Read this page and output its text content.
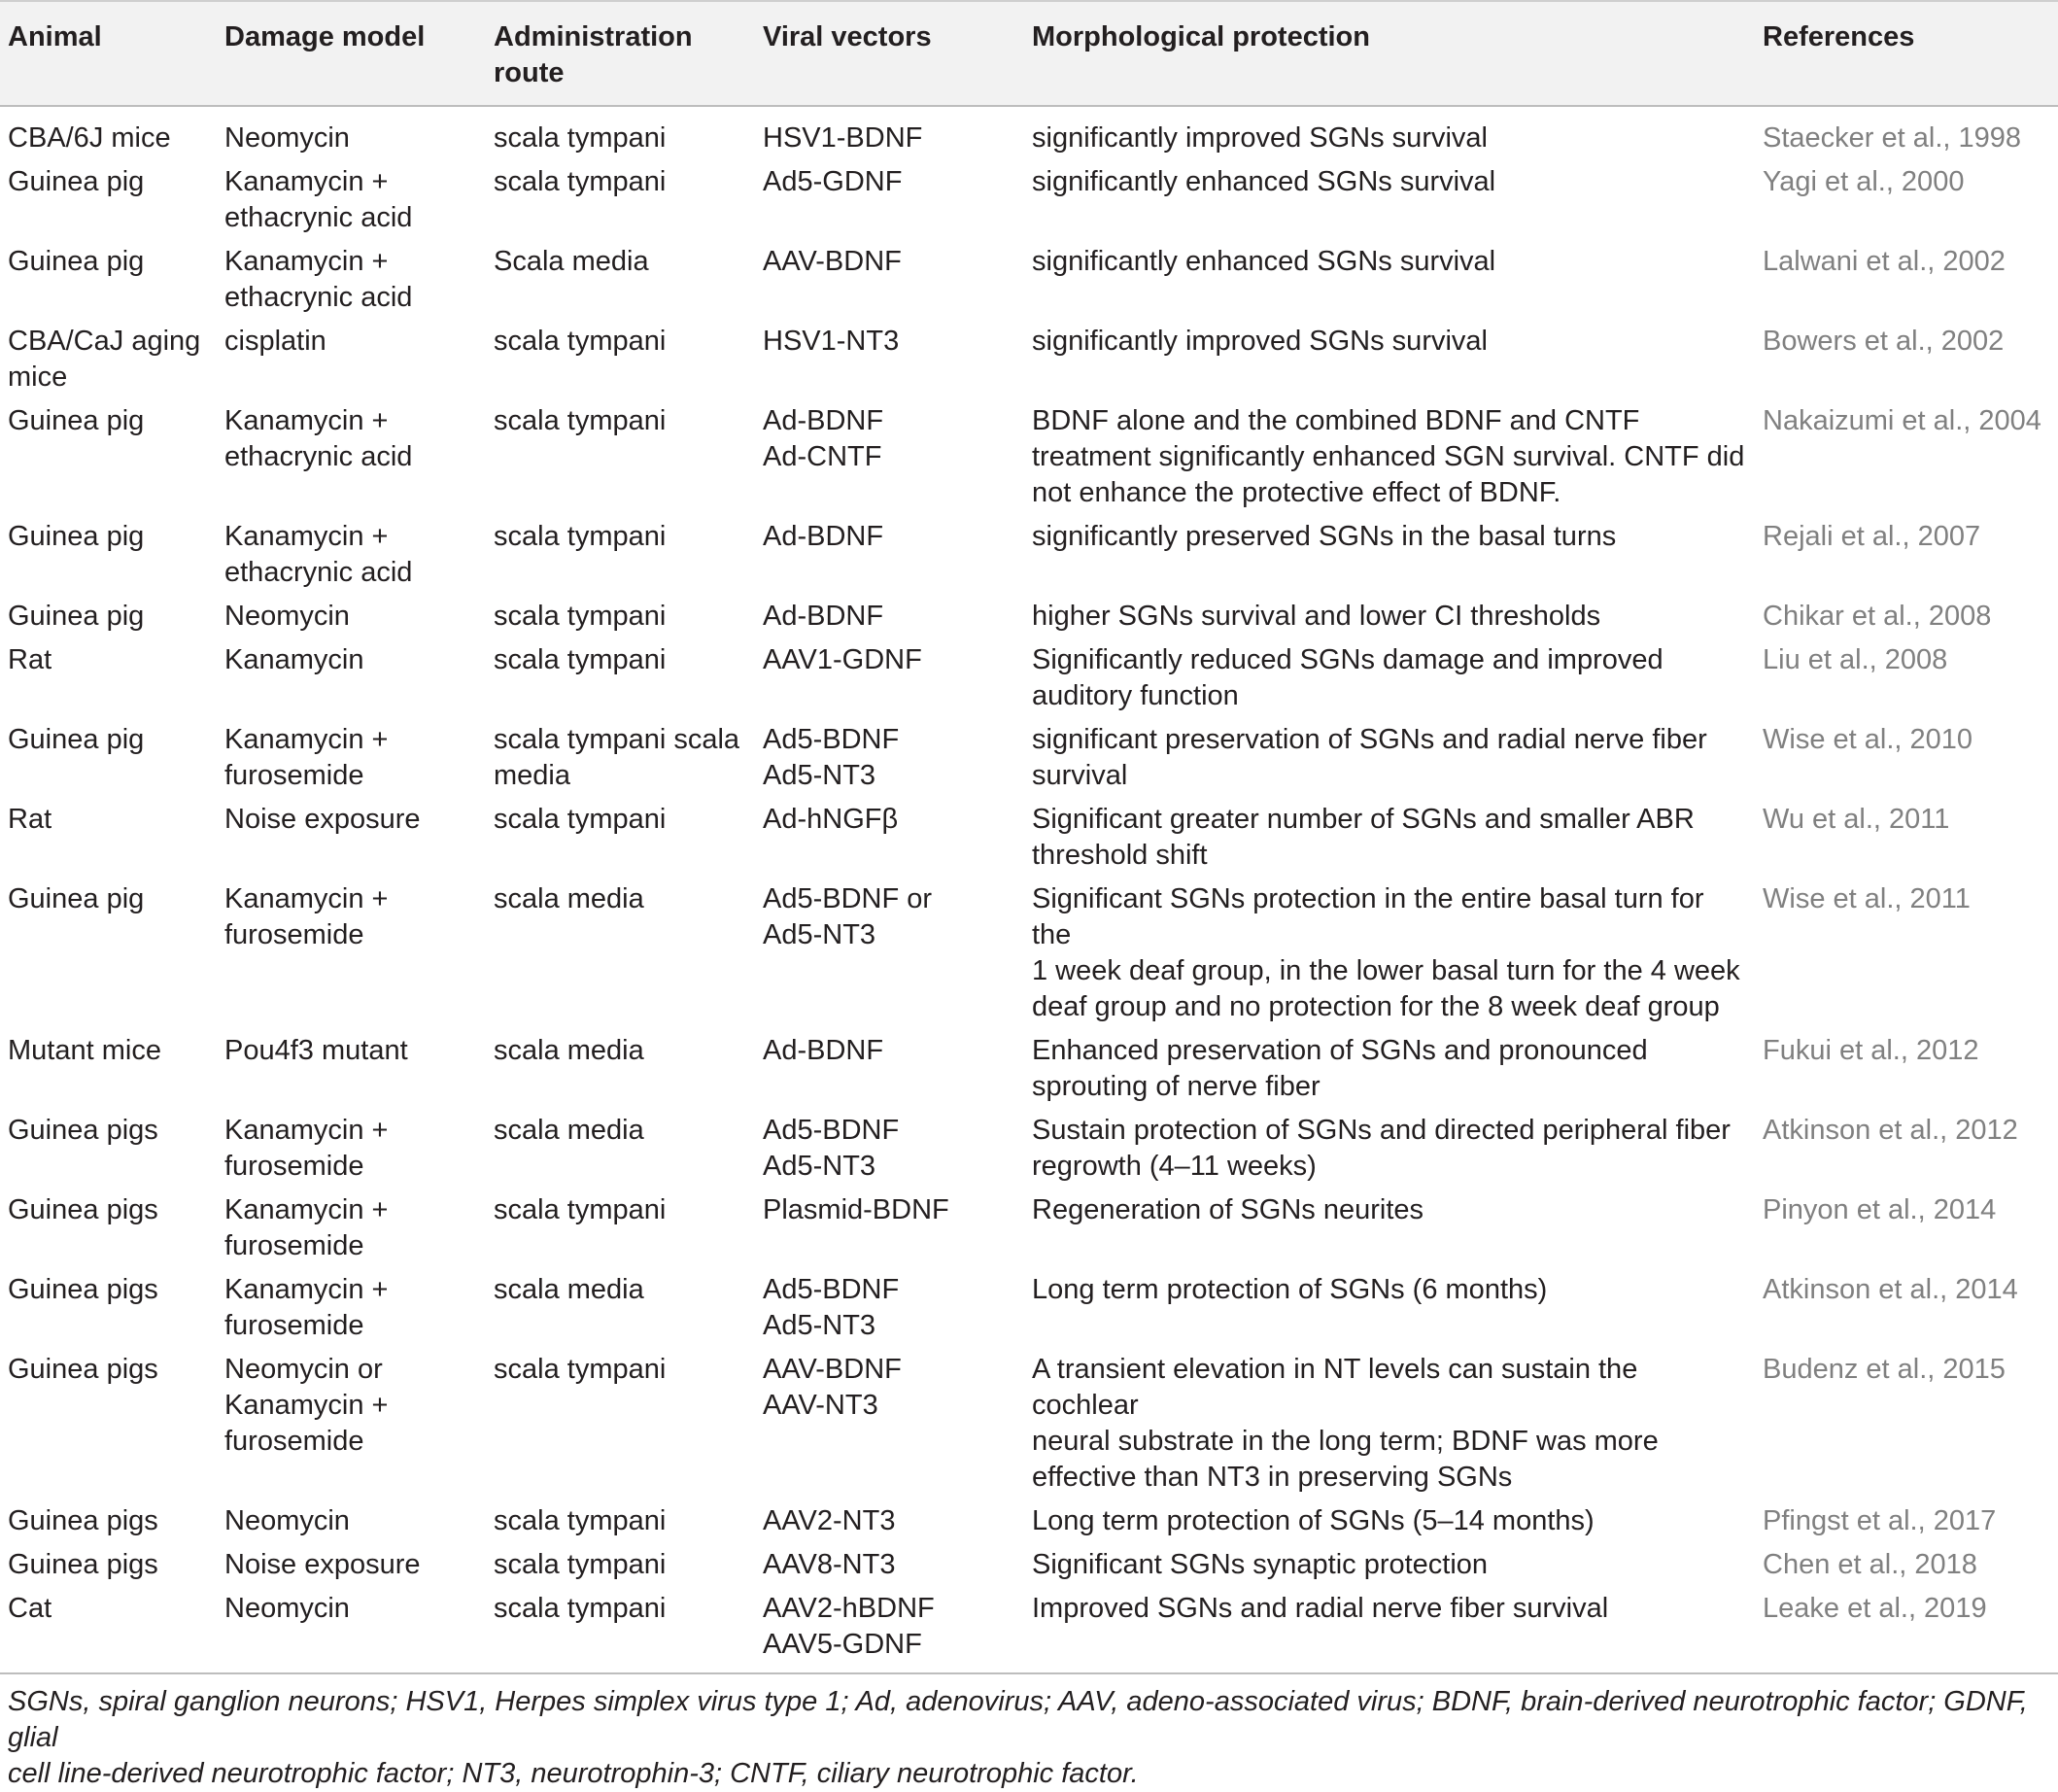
Animal	Damage model	Administration
route	Viral vectors	Morphological protection	References

CBA/6J mice	Neomycin	scala tympani	HSV1-BDNF	significantly improved SGNs survival	Staecker et al., 1998

Guinea pig	Kanamycin +
ethacrynic acid	scala tympani	Ad5-GDNF	significantly enhanced SGNs survival	Yagi et al., 2000

Guinea pig	Kanamycin +
ethacrynic acid	Scala media	AAV-BDNF	significantly enhanced SGNs survival	Lalwani et al., 2002

CBA/CaJ aging
mice	cisplatin	scala tympani	HSV1-NT3	significantly improved SGNs survival	Bowers et al., 2002

Guinea pig	Kanamycin +
ethacrynic acid	scala tympani	Ad-BDNF
Ad-CNTF	BDNF alone and the combined BDNF and CNTF
treatment significantly enhanced SGN survival. CNTF did
not enhance the protective effect of BDNF.	Nakaizumi et al., 2004

Guinea pig	Kanamycin +
ethacrynic acid	scala tympani	Ad-BDNF	significantly preserved SGNs in the basal turns	Rejali et al., 2007

Guinea pig	Neomycin	scala tympani	Ad-BDNF	higher SGNs survival and lower CI thresholds	Chikar et al., 2008

Rat	Kanamycin	scala tympani	AAV1-GDNF	Significantly reduced SGNs damage and improved
auditory function	Liu et al., 2008

Guinea pig	Kanamycin +
furosemide	scala tympani scala
media	Ad5-BDNF
Ad5-NT3	significant preservation of SGNs and radial nerve fiber
survival	Wise et al., 2010

Rat	Noise exposure	scala tympani	Ad-hNGFβ	Significant greater number of SGNs and smaller ABR
threshold shift	Wu et al., 2011

Guinea pig	Kanamycin +
furosemide	scala media	Ad5-BDNF or
Ad5-NT3	Significant SGNs protection in the entire basal turn for the
1 week deaf group, in the lower basal turn for the 4 week
deaf group and no protection for the 8 week deaf group	Wise et al., 2011

Mutant mice	Pou4f3 mutant	scala media	Ad-BDNF	Enhanced preservation of SGNs and pronounced
sprouting of nerve fiber	Fukui et al., 2012

Guinea pigs	Kanamycin +
furosemide	scala media	Ad5-BDNF
Ad5-NT3	Sustain protection of SGNs and directed peripheral fiber
regrowth (4–11 weeks)	Atkinson et al., 2012

Guinea pigs	Kanamycin +
furosemide	scala tympani	Plasmid-BDNF	Regeneration of SGNs neurites	Pinyon et al., 2014

Guinea pigs	Kanamycin +
furosemide	scala media	Ad5-BDNF
Ad5-NT3	Long term protection of SGNs (6 months)	Atkinson et al., 2014

Guinea pigs	Neomycin or
Kanamycin +
furosemide	scala tympani	AAV-BDNF
AAV-NT3	A transient elevation in NT levels can sustain the cochlear
neural substrate in the long term; BDNF was more
effective than NT3 in preserving SGNs	Budenz et al., 2015

Guinea pigs	Neomycin	scala tympani	AAV2-NT3	Long term protection of SGNs (5–14 months)	Pfingst et al., 2017

Guinea pigs	Noise exposure	scala tympani	AAV8-NT3	Significant SGNs synaptic protection	Chen et al., 2018

Cat	Neomycin	scala tympani	AAV2-hBDNF
AAV5-GDNF	Improved SGNs and radial nerve fiber survival	Leake et al., 2019
SGNs, spiral ganglion neurons; HSV1, Herpes simplex virus type 1; Ad, adenovirus; AAV, adeno-associated virus; BDNF, brain-derived neurotrophic factor; GDNF, glial
cell line-derived neurotrophic factor; NT3, neurotrophin-3; CNTF, ciliary neurotrophic factor.
